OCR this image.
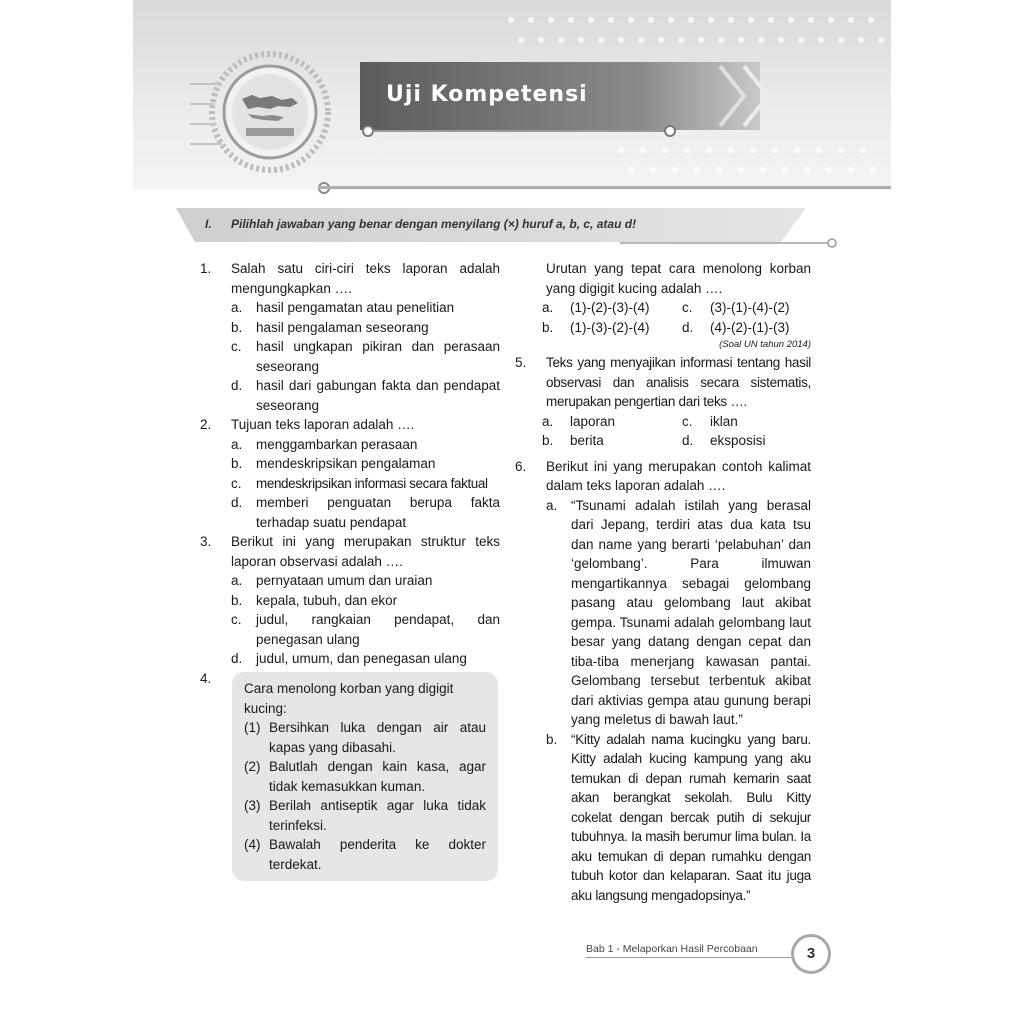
Uji Kompetensi
I. Pilihlah jawaban yang benar dengan menyilang (×) huruf a, b, c, atau d!
1.	Salah satu ciri-ciri teks laporan adalah mengungkapkan ….
a.	hasil pengamatan atau penelitian
b.	hasil pengalaman seseorang
c.	hasil ungkapan pikiran dan perasaan seseorang
d.	hasil dari gabungan fakta dan pendapat seseorang
2.	Tujuan teks laporan adalah ….
a.	menggambarkan perasaan
b.	mendeskripsikan pengalaman
c.	mendeskripsikan informasi secara faktual
d.	memberi penguatan berupa fakta terhadap suatu pendapat
3.	Berikut ini yang merupakan struktur teks laporan observasi adalah ….
a.	pernyataan umum dan uraian
b.	kepala, tubuh, dan ekor
c.	judul, rangkaian pendapat, dan penegasan ulang
d.	judul, umum, dan penegasan ulang
4.
Cara menolong korban yang digigit kucing:
(1) Bersihkan luka dengan air atau kapas yang dibasahi.
(2) Balutlah dengan kain kasa, agar tidak kemasukkan kuman.
(3) Berilah antiseptik agar luka tidak terinfeksi.
(4) Bawalah penderita ke dokter terdekat.
Urutan yang tepat cara menolong korban yang digigit kucing adalah ….
a.	(1)-(2)-(3)-(4)	c.	(3)-(1)-(4)-(2)
b.	(1)-(3)-(2)-(4)	d.	(4)-(2)-(1)-(3)
(Soal UN tahun 2014)
5.	Teks yang menyajikan informasi tentang hasil observasi dan analisis secara sistematis, merupakan pengertian dari teks ….
a.	laporan	c.	iklan
b.	berita	d.	eksposisi
6.	Berikut ini yang merupakan contoh kalimat dalam teks laporan adalah ….
a.	“Tsunami adalah istilah yang berasal dari Jepang, terdiri atas dua kata tsu dan name yang berarti ‘pelabuhan’ dan ‘gelombang’. Para ilmuwan mengartikannya sebagai gelombang pasang atau gelombang laut akibat gempa. Tsunami adalah gelombang laut besar yang datang dengan cepat dan tiba-tiba menerjang kawasan pantai. Gelombang tersebut terbentuk akibat dari aktivias gempa atau gunung berapi yang meletus di bawah laut.”
b.	“Kitty adalah nama kucingku yang baru. Kitty adalah kucing kampung yang aku temukan di depan rumah kemarin saat akan berangkat sekolah. Bulu Kitty cokelat dengan bercak putih di sekujur tubuhnya. Ia masih berumur lima bulan. Ia aku temukan di depan rumahku dengan tubuh kotor dan kelaparan. Saat itu juga aku langsung mengadopsinya.”
Bab 1 - Melaporkan Hasil Percobaan	3
